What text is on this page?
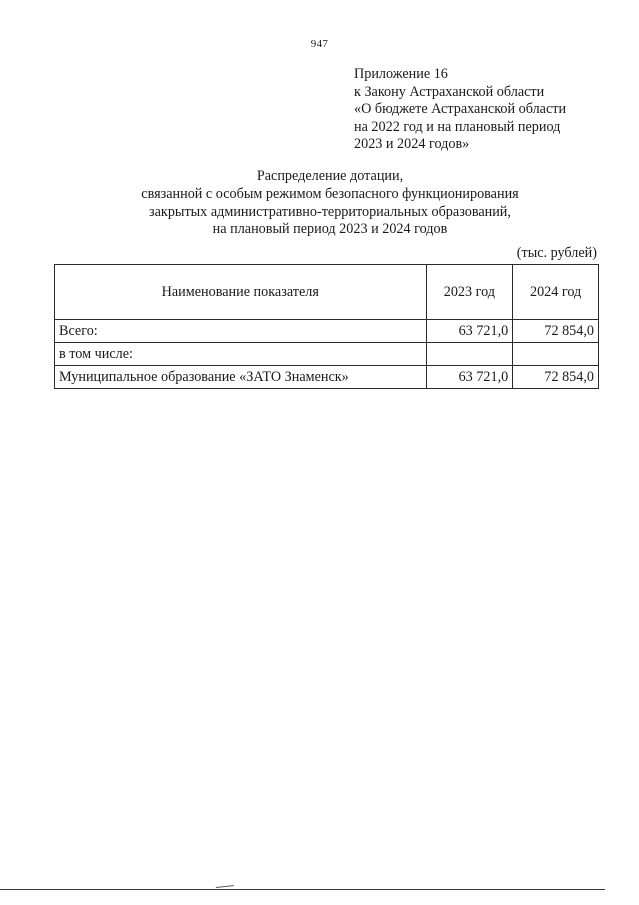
947
Приложение 16
к Закону Астраханской области
«О бюджете Астраханской области
на 2022 год и на плановый период
2023 и 2024 годов»
Распределение дотации,
связанной с особым режимом безопасного функционирования
закрытых административно-территориальных образований,
на плановый период 2023 и 2024 годов
(тыс. рублей)
Наименование показателя	2023 год	2024 год
Всего:	63 721,0	72 854,0
в том числе:		
Муниципальное образование «ЗАТО Знаменск»	63 721,0	72 854,0
